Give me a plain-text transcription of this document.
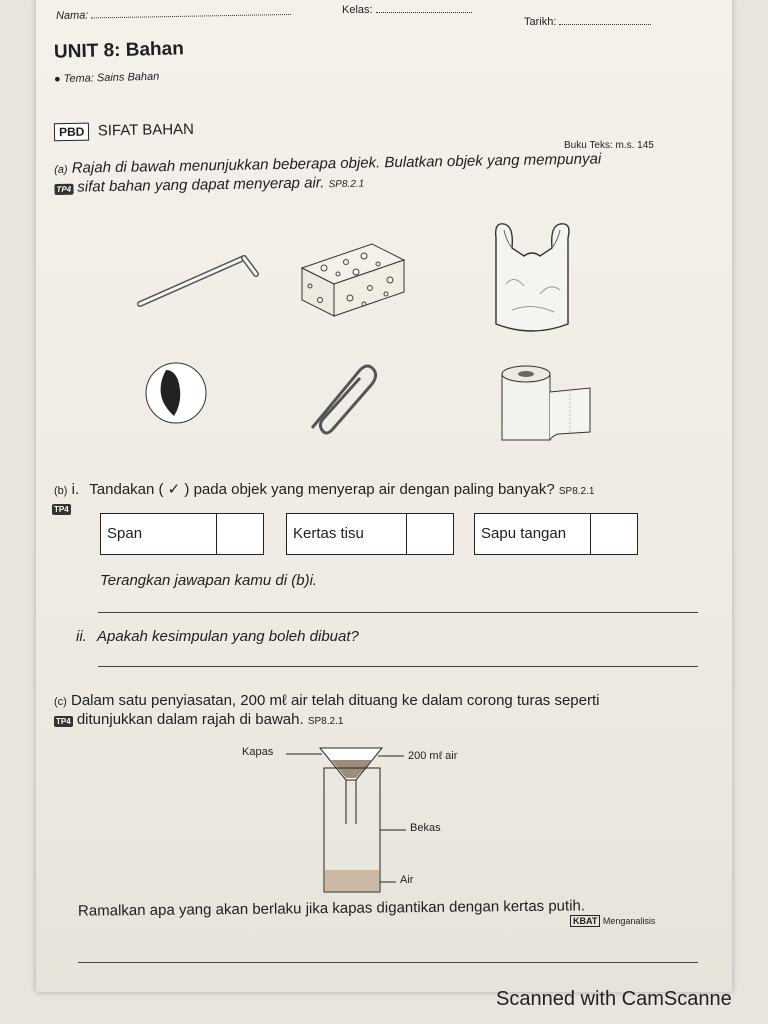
Nama:	Kelas:
Tarikh:
UNIT 8: Bahan
● Tema: Sains Bahan
PBD SIFAT BAHAN
Buku Teks: m.s. 145
(a) Rajah di bawah menunjukkan beberapa objek. Bulatkan objek yang mempunyai
TP4 sifat bahan yang dapat menyerap air. SP8.2.1
(b) i. Tandakan ( ✓ ) pada objek yang menyerap air dengan paling banyak? SP8.2.1
TP4
Span	Kertas tisu	Sapu tangan
Terangkan jawapan kamu di (b)i.
ii. Apakah kesimpulan yang boleh dibuat?
(c) Dalam satu penyiasatan, 200 mℓ air telah dituang ke dalam corong turas seperti
TP4 ditunjukkan dalam rajah di bawah. SP8.2.1
Kapas	200 mℓ air
Bekas
Air
Ramalkan apa yang akan berlaku jika kapas digantikan dengan kertas putih.
KBAT Menganalisis
Scanned with CamScanne
